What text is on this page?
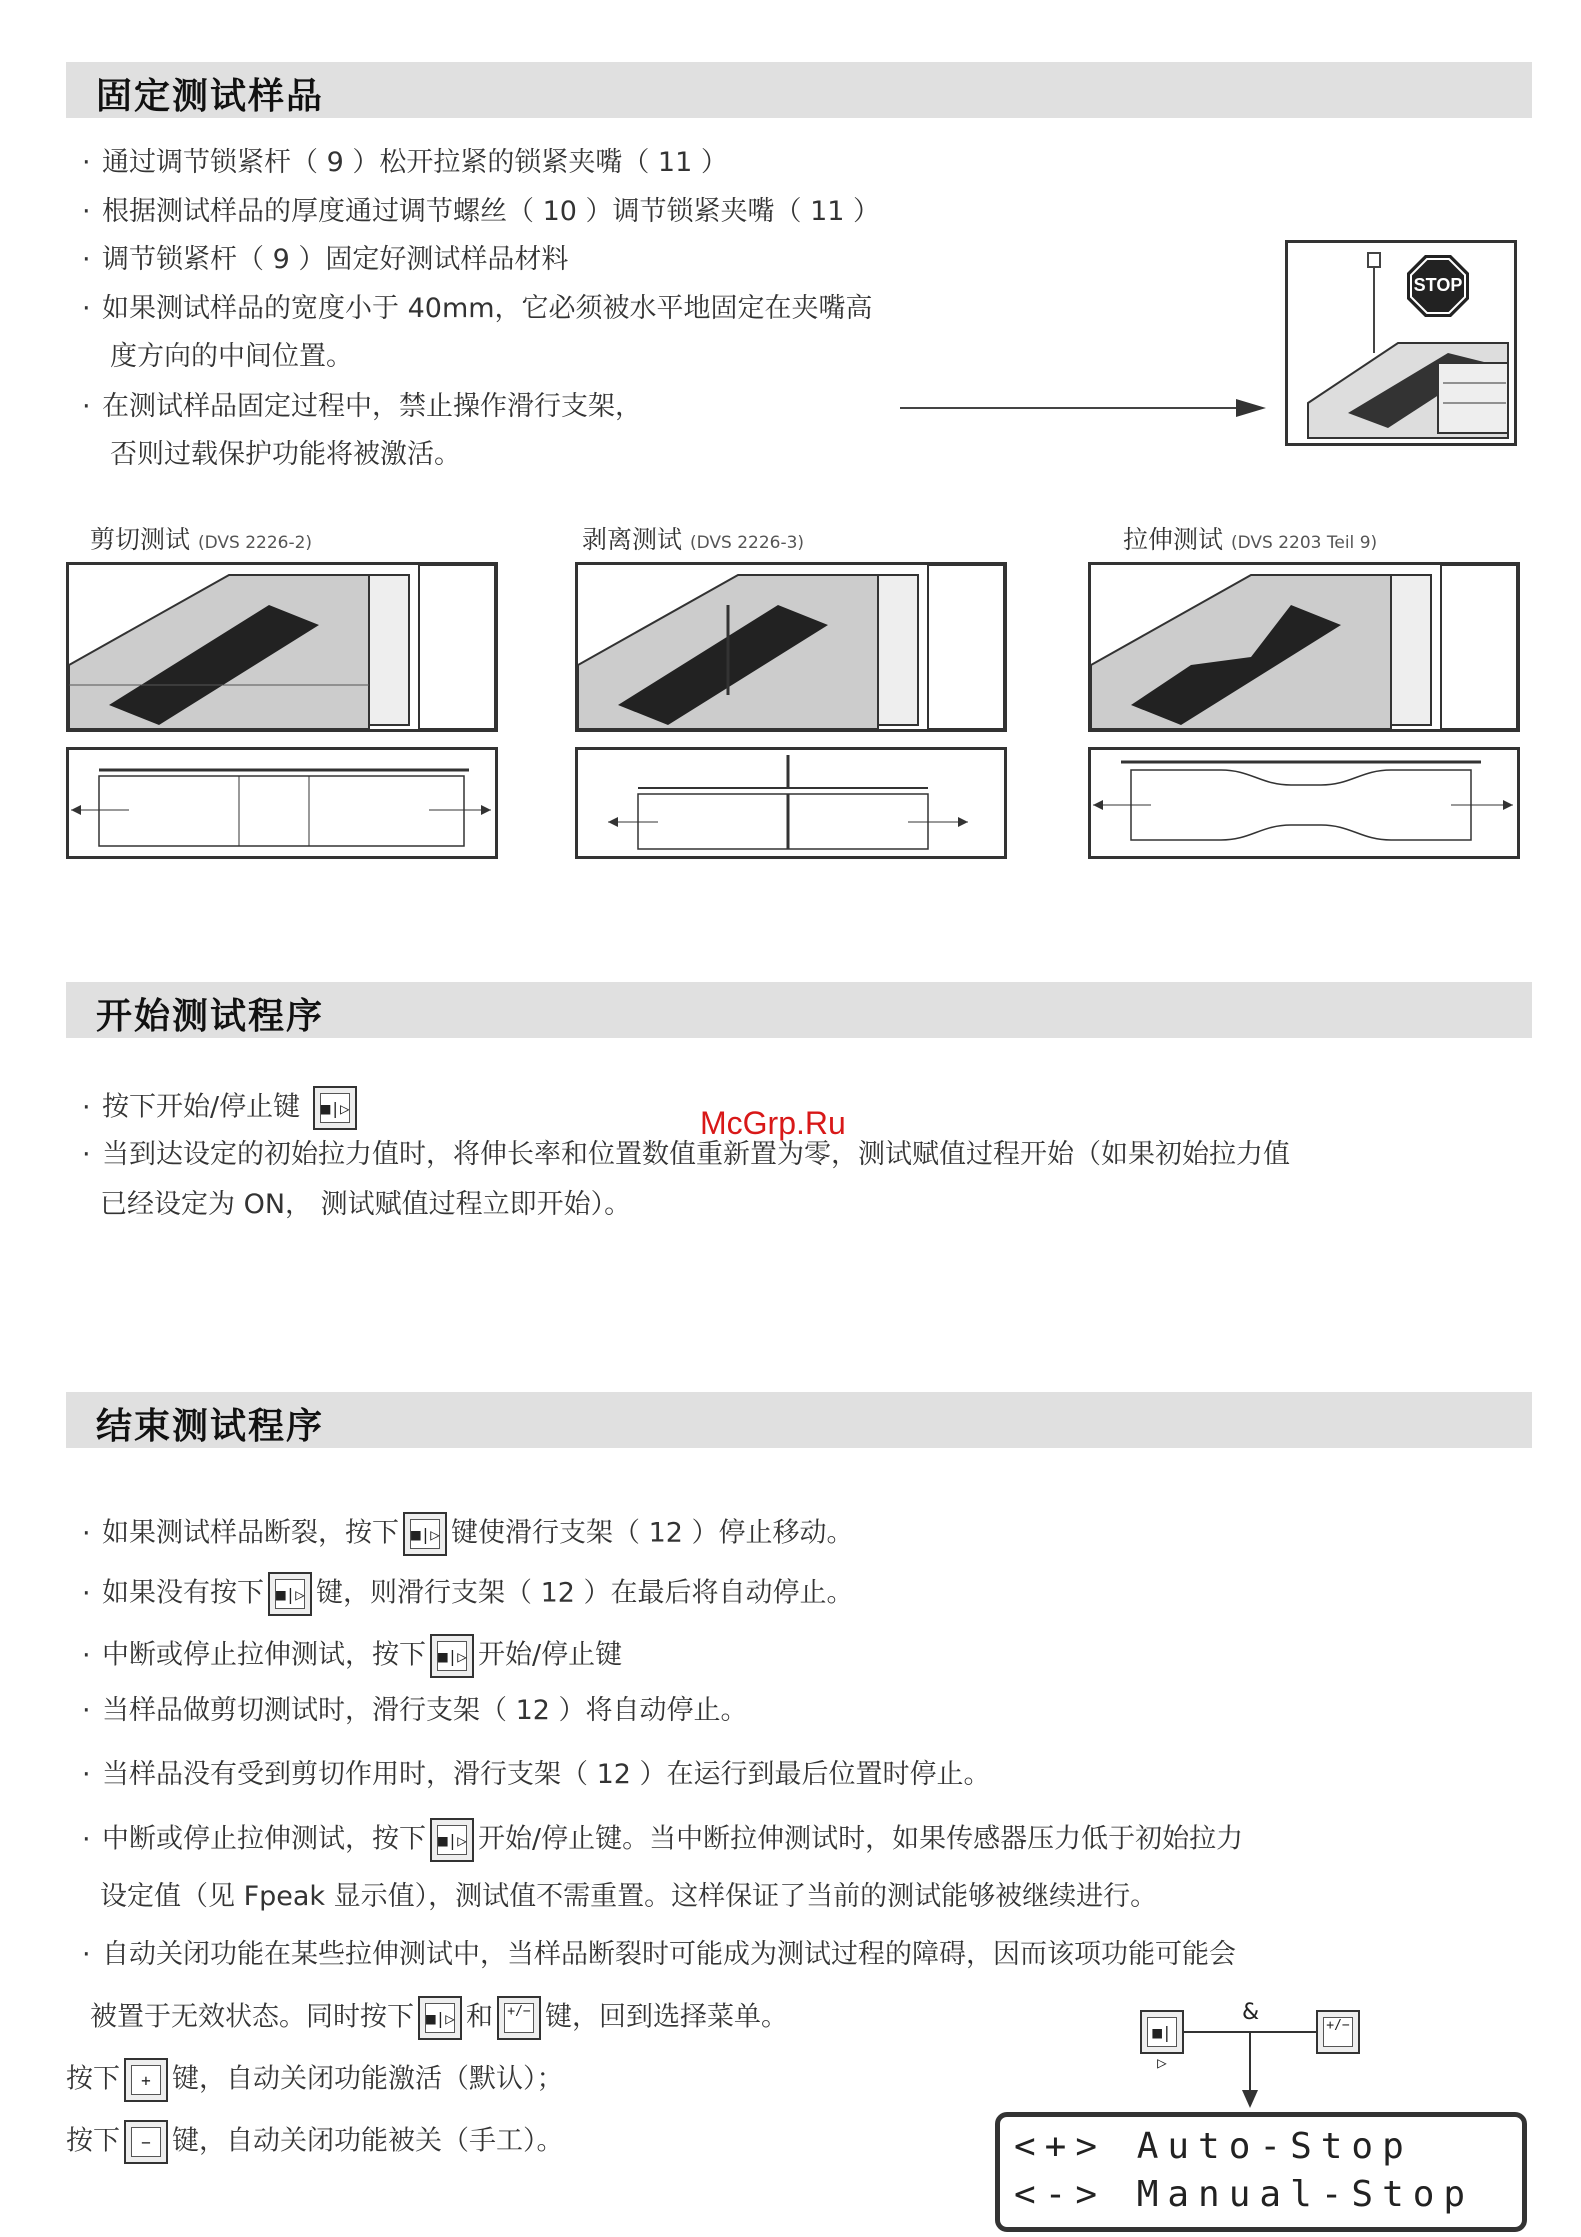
固定测试样品
· 通过调节锁紧杆（ 9 ）松开拉紧的锁紧夹嘴（ 11 ）
· 根据测试样品的厚度通过调节螺丝（ 10 ）调节锁紧夹嘴（ 11 ）
· 调节锁紧杆（ 9 ）固定好测试样品材料
· 如果测试样品的宽度小于 40mm，它必须被水平地固定在夹嘴高
度方向的中间位置。
· 在测试样品固定过程中，禁止操作滑行支架，
否则过载保护功能将被激活。
STOP
剪切测试 (DVS 2226-2)	剥离测试 (DVS 2226-3)	拉伸测试 (DVS 2203 Teil 9)
开始测试程序
· 按下开始/停止键 ■|▷
· 当到达设定的初始拉力值时，将伸长率和位置数值重新置为零，测试赋值过程开始（如果初始拉力值
已经设定为 ON， 测试赋值过程立即开始）。
McGrp.Ru
结束测试程序
· 如果测试样品断裂，按下 ■|▷ 键使滑行支架（ 12 ）停止移动。
· 如果没有按下 ■|▷ 键，则滑行支架（ 12 ）在最后将自动停止。
· 中断或停止拉伸测试，按下 ■|▷ 开始/停止键
· 当样品做剪切测试时，滑行支架（ 12 ）将自动停止。
· 当样品没有受到剪切作用时，滑行支架（ 12 ）在运行到最后位置时停止。
· 中断或停止拉伸测试，按下 ■|▷ 开始/停止键。当中断拉伸测试时，如果传感器压力低于初始拉力
设定值（见 Fpeak 显示值），测试值不需重置。这样保证了当前的测试能够被继续进行。
· 自动关闭功能在某些拉伸测试中，当样品断裂时可能成为测试过程的障碍，因而该项功能可能会
被置于无效状态。同时按下 ■|▷ 和 +/− 键，回到选择菜单。
按下	+ 键，自动关闭功能激活（默认）；
按下	− 键，自动关闭功能被关（手工）。
■|▷
+/−
&
<+> Auto-Stop
<-> Manual-Stop
